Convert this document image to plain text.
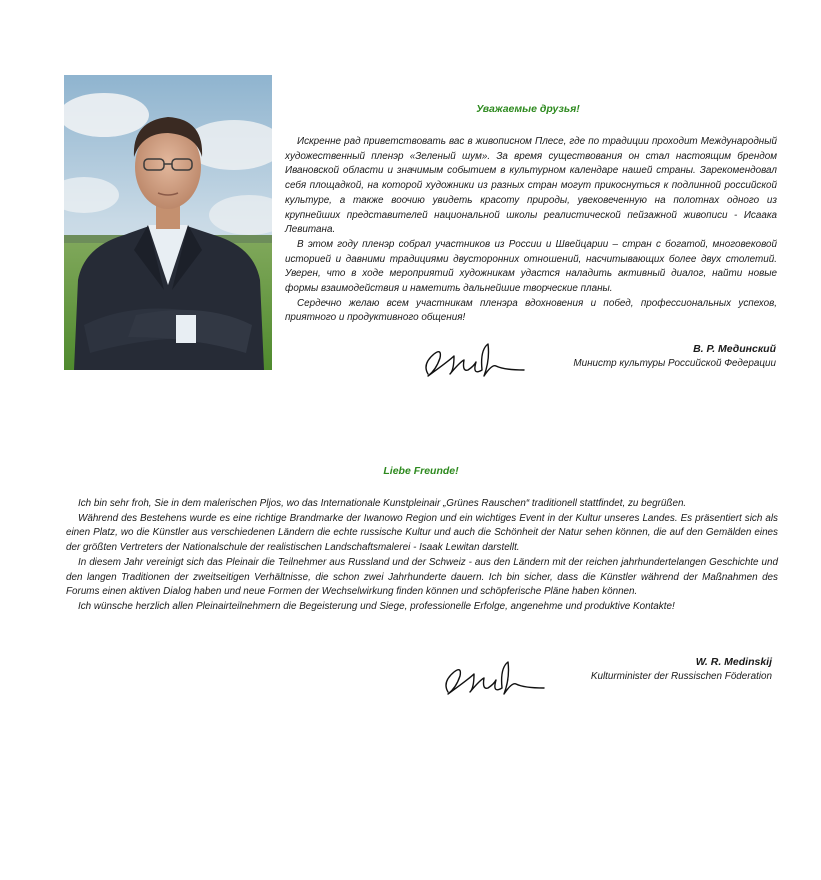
Уважаемые друзья!

Искренне рад приветствовать вас в живописном Плесе, где по традиции проходит Международный художественный пленэр «Зеленый шум». За время существования он стал настоящим брендом Ивановской области и значимым событием в культурном календаре нашей страны. Зарекомендовал себя площадкой, на которой художники из разных стран могут прикоснуться к подлинной российской культуре, а также воочию увидеть красоту природы, увековеченную на полотнах одного из крупнейших представителей национальной школы реалистической пейзажной живописи - Исаака Левитана.

В этом году пленэр собрал участников из России и Швейцарии – стран с богатой, многовековой историей и давними традициями двусторонних отношений, насчитывающих более двух столетий. Уверен, что в ходе мероприятий художникам удастся наладить активный диалог, найти новые формы взаимодействия и наметить дальнейшие творческие планы.

Сердечно желаю всем участникам пленэра вдохновения и побед, профессиональных успехов, приятного и продуктивного общения!

В. Р. Мединский
Министр культуры Российской Федерации
Liebe Freunde!

Ich bin sehr froh, Sie in dem malerischen Pljos, wo das Internationale Kunstpleinair „Grünes Rauschen“ traditionell stattfindet, zu begrüßen.

Während des Bestehens wurde es eine richtige Brandmarke der Iwanowo Region und ein wichtiges Event in der Kultur unseres Landes. Es präsentiert sich als einen Platz, wo die Künstler aus verschiedenen Ländern die echte russische Kultur und auch die Schönheit der Natur sehen können, die auf den Gemälden eines der größten Vertreters der Nationalschule der realistischen Landschaftsmalerei - Isaak Lewitan darstellt.

In diesem Jahr vereinigt sich das Pleinair die Teilnehmer aus Russland und der Schweiz - aus den Ländern mit der reichen jahrhundertelangen Geschichte und den langen Traditionen der zweitseitigen Verhältnisse, die schon zwei Jahrhunderte dauern. Ich bin sicher, dass die Künstler während der Maßnahmen des Forums einen aktiven Dialog haben und neue Formen der Wechselwirkung finden können und schöpferische Pläne haben können.

Ich wünsche herzlich allen Pleinairteilnehmern die Begeisterung und Siege, professionelle Erfolge, angenehme und produktive Kontakte!

W. R. Medinskij
Kulturminister der Russischen Föderation
